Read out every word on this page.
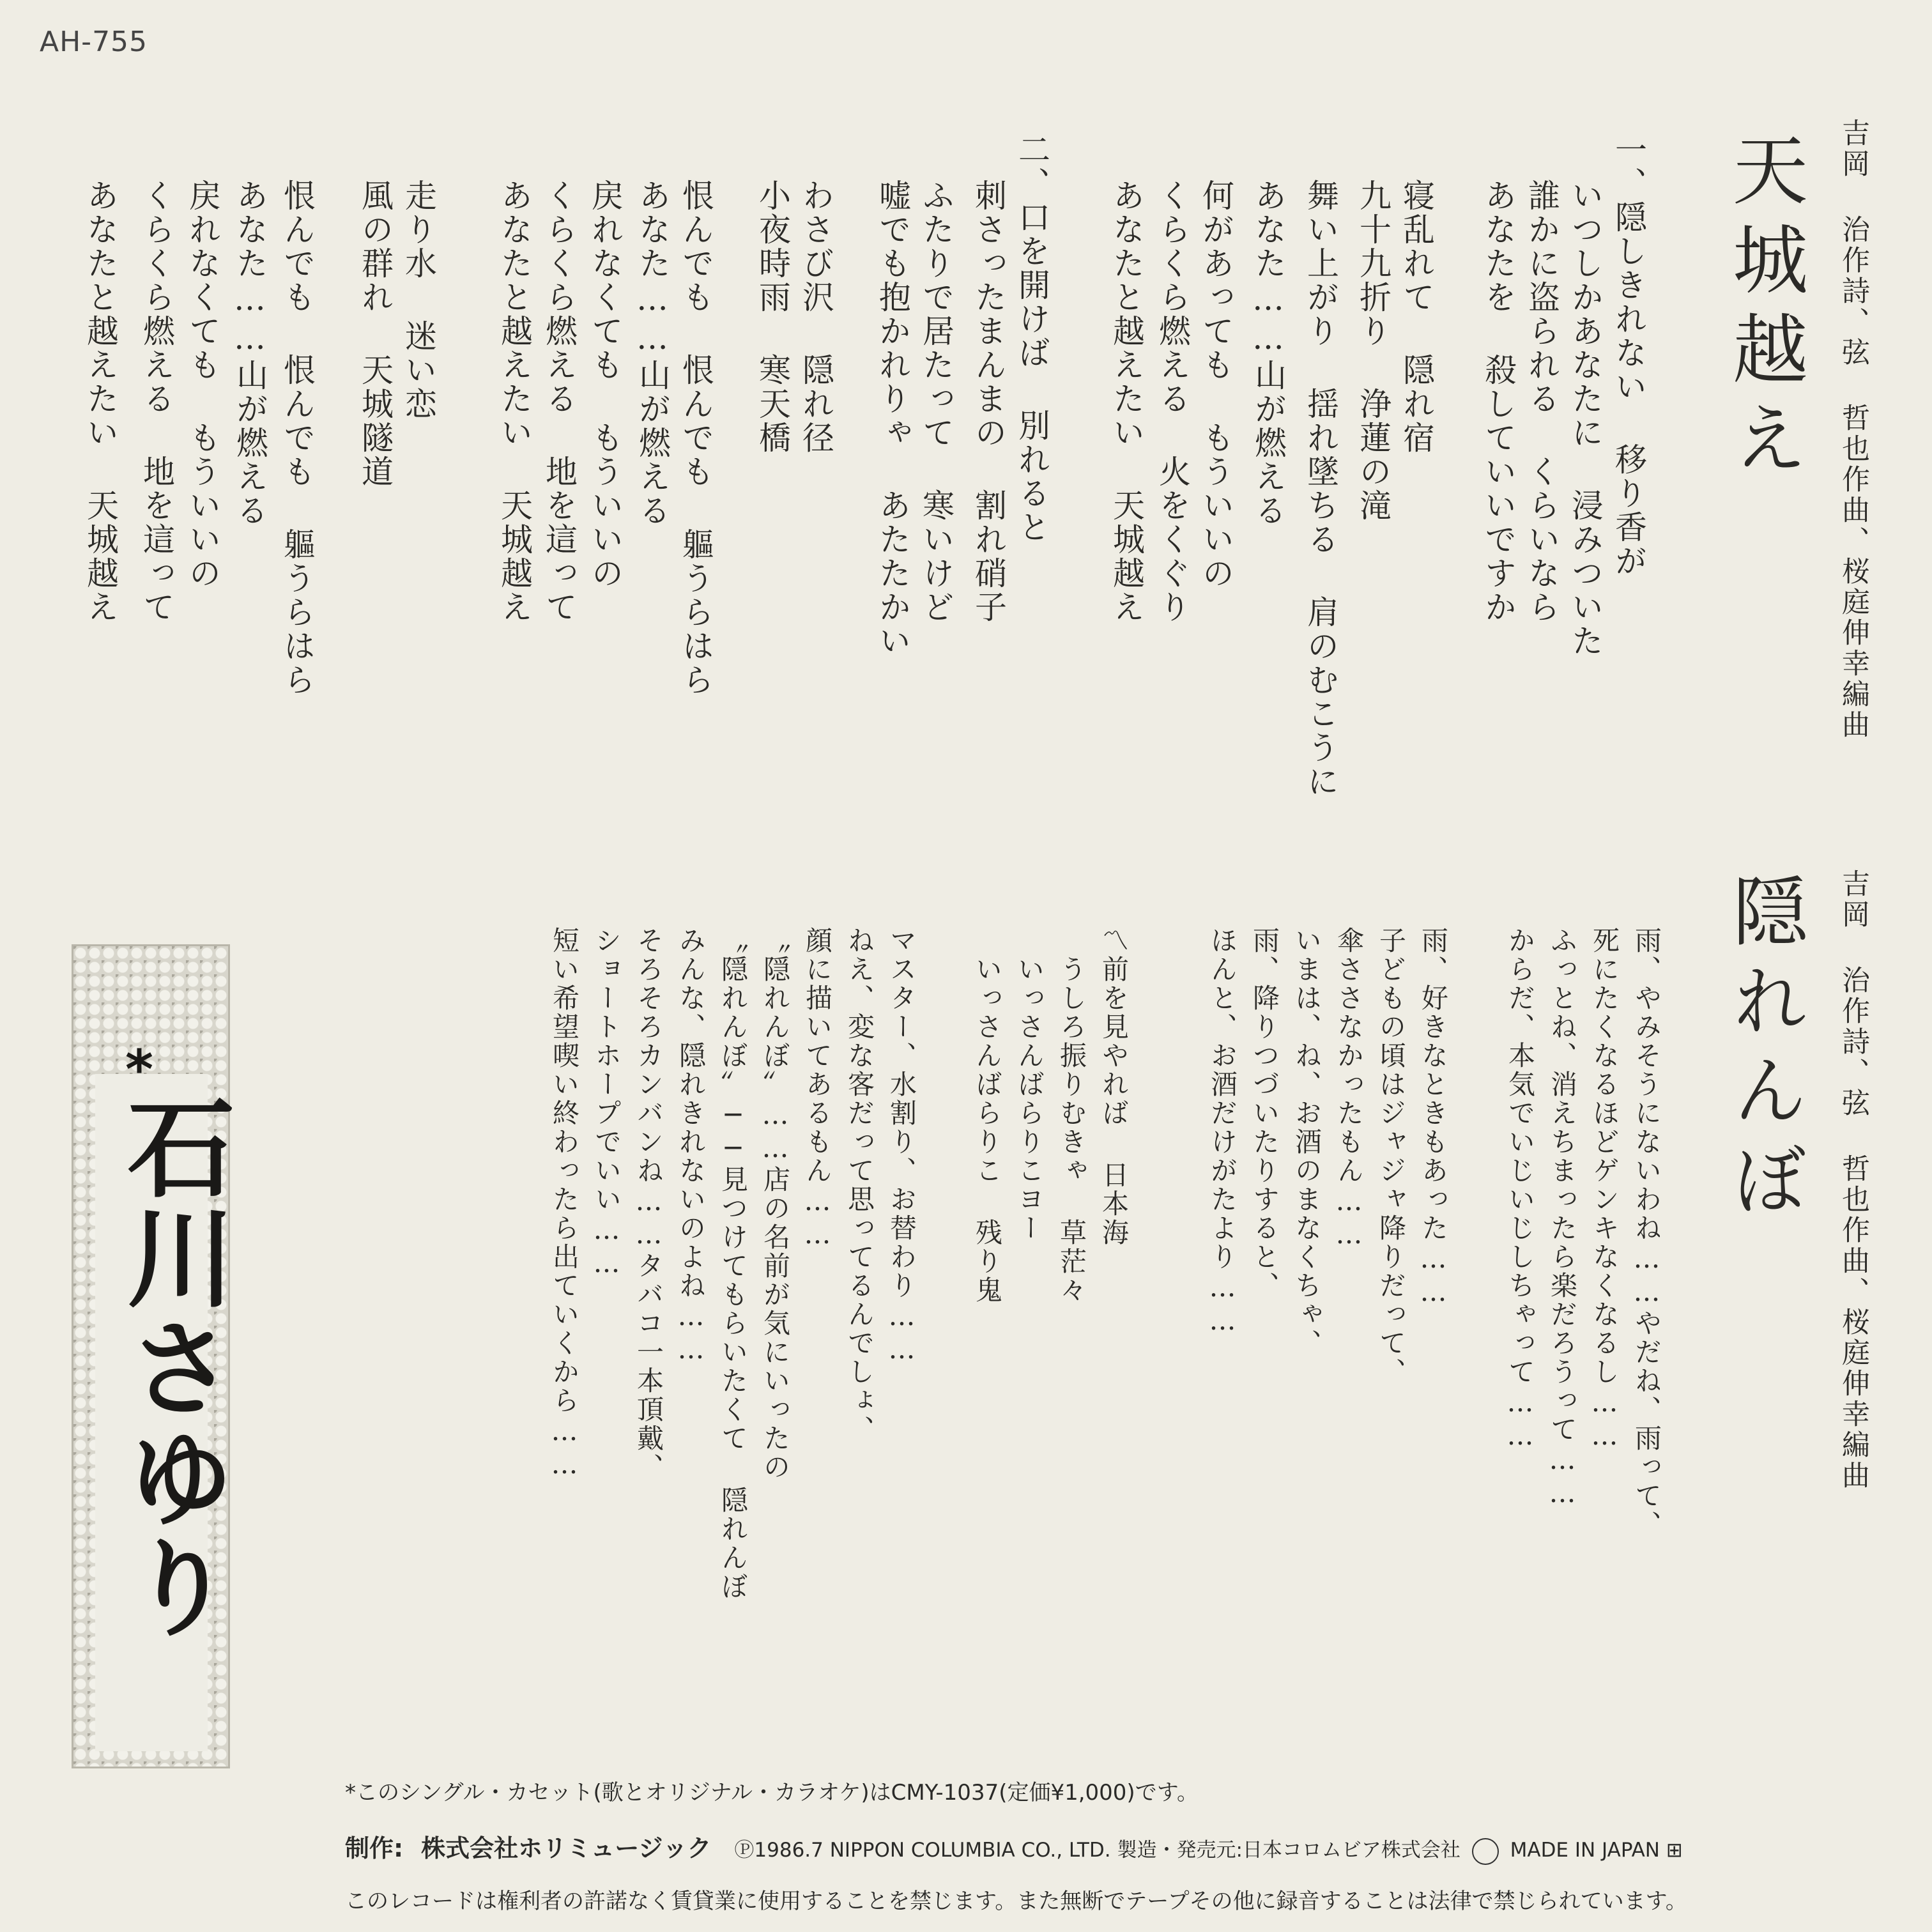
AH-755
吉岡 治作詩、弦 哲也作曲、桜庭伸幸編曲
天城越え
一、隠しきれない 移り香が
いつしかあなたに 浸みついた
誰かに盗られる くらいなら
あなたを 殺していいですか
寝乱れて 隠れ宿
九十九折り 浄蓮の滝
舞い上がり 揺れ墜ちる 肩のむこうに
あなた……山が燃える
何があっても もういいの
くらくら燃える 火をくぐり
あなたと越えたい 天城越え
二、口を開けば 別れると
刺さったまんまの 割れ硝子
ふたりで居たって 寒いけど
嘘でも抱かれりゃ あたたかい
わさび沢 隠れ径
小夜時雨 寒天橋
恨んでも 恨んでも 軀うらはら
あなた……山が燃える
戻れなくても もういいの
くらくら燃える 地を這って
あなたと越えたい 天城越え
走り水 迷い恋
風の群れ 天城隧道
恨んでも 恨んでも 軀うらはら
あなた……山が燃える
戻れなくても もういいの
くらくら燃える 地を這って
あなたと越えたい 天城越え
吉岡 治作詩、弦 哲也作曲、桜庭伸幸編曲
隠れんぼ
雨、やみそうにないわね……やだね、雨って、
死にたくなるほどゲンキなくなるし……
ふっとね、消えちまったら楽だろうって……
からだ、本気でいじいじしちゃって……
雨、好きなときもあった……
子どもの頃はジャジャ降りだって、
傘ささなかったもん……
いまは、ね、お酒のまなくちゃ、
雨、降りつづいたりすると、
ほんと、お酒だけがたより……
〽前を見やれば 日本海
うしろ振りむきゃ 草茫々
いっさんばらりこヨー
いっさんばらりこ 残り鬼
マスター、水割り、お替わり……
ねえ、変な客だって思ってるんでしょ、
顔に描いてあるもん……
〝隠れんぼ〟……店の名前が気にいったの
〝隠れんぼ〟──見つけてもらいたくて 隠れんぼ
みんな、隠れきれないのよね……
そろそろカンバンね……タバコ一本頂戴、
ショートホープでいい……
短い希望喫い終わったら出ていくから……
*
石川さゆり
*このシングル・カセット(歌とオリジナル・カラオケ)はCMY-1037(定価¥1,000)です。
制作: 株式会社ホリミュージック Ⓟ1986.7 NIPPON COLUMBIA CO., LTD. 製造・発売元:日本コロムビア株式会社	MADE IN JAPAN ⊞
このレコードは権利者の許諾なく賃貸業に使用することを禁じます。また無断でテープその他に録音することは法律で禁じられています。
